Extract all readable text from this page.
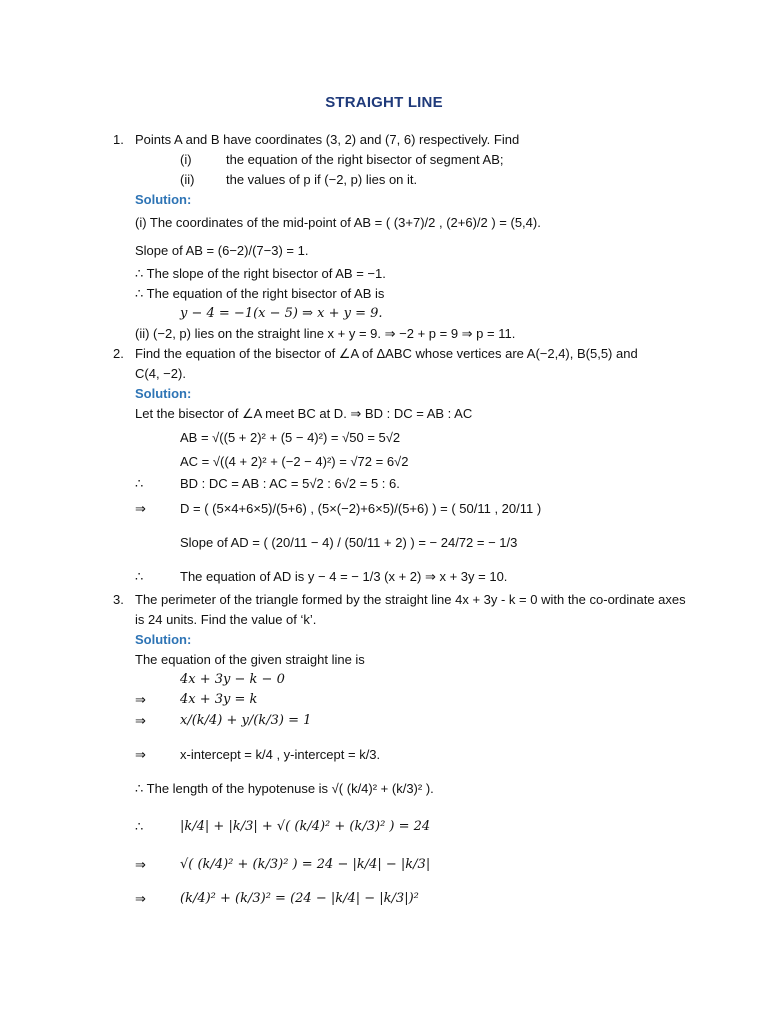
STRAIGHT LINE
1. Points A and B have coordinates (3, 2) and (7, 6) respectively. Find
(i)	the equation of the right bisector of segment AB;
(ii) the values of p if (−2, p) lies on it.
Solution:
(i) The coordinates of the mid-point of AB = ( (3+7)/2 , (2+6)/2 ) = (5,4).
Slope of AB = (6−2)/(7−3) = 1.
∴ The slope of the right bisector of AB = −1.
∴ The equation of the right bisector of AB is
y − 4 = −1(x − 5) ⇒ x + y = 9.
(ii) (−2, p) lies on the straight line x + y = 9. ⇒ −2 + p = 9 ⇒ p = 11.
2. Find the equation of the bisector of ∠A of ΔABC whose vertices are A(−2,4), B(5,5) and
C(4, −2).
Solution:
Let the bisector of ∠A meet BC at D. ⇒ BD : DC = AB : AC
AB = √((5 + 2)² + (5 − 4)²) = √50 = 5√2
AC = √((4 + 2)² + (−2 − 4)²) = √72 = 6√2
∴	BD : DC = AB : AC = 5√2 : 6√2 = 5 : 6.
⇒	D = ( (5×4+6×5)/(5+6) , (5×(−2)+6×5)/(5+6) ) = ( 50/11 , 20/11 )
Slope of AD = ( (20/11 − 4) / (50/11 + 2) ) = − 24/72 = − 1/3
∴	The equation of AD is y − 4 = − 1/3 (x + 2) ⇒ x + 3y = 10.
3. The perimeter of the triangle formed by the straight line 4x + 3y - k = 0 with the co-ordinate axes
is 24 units. Find the value of ‘k’.
Solution:
The equation of the given straight line is
4x + 3y − k − 0
⇒	4x + 3y = k
⇒	x/(k/4) + y/(k/3) = 1
⇒	x-intercept = k/4 , y-intercept = k/3.
∴ The length of the hypotenuse is √( (k/4)² + (k/3)² ).
∴	|k/4| + |k/3| + √( (k/4)² + (k/3)² ) = 24
⇒	√( (k/4)² + (k/3)² ) = 24 − |k/4| − |k/3|
⇒	(k/4)² + (k/3)² = (24 − |k/4| − |k/3|)²
